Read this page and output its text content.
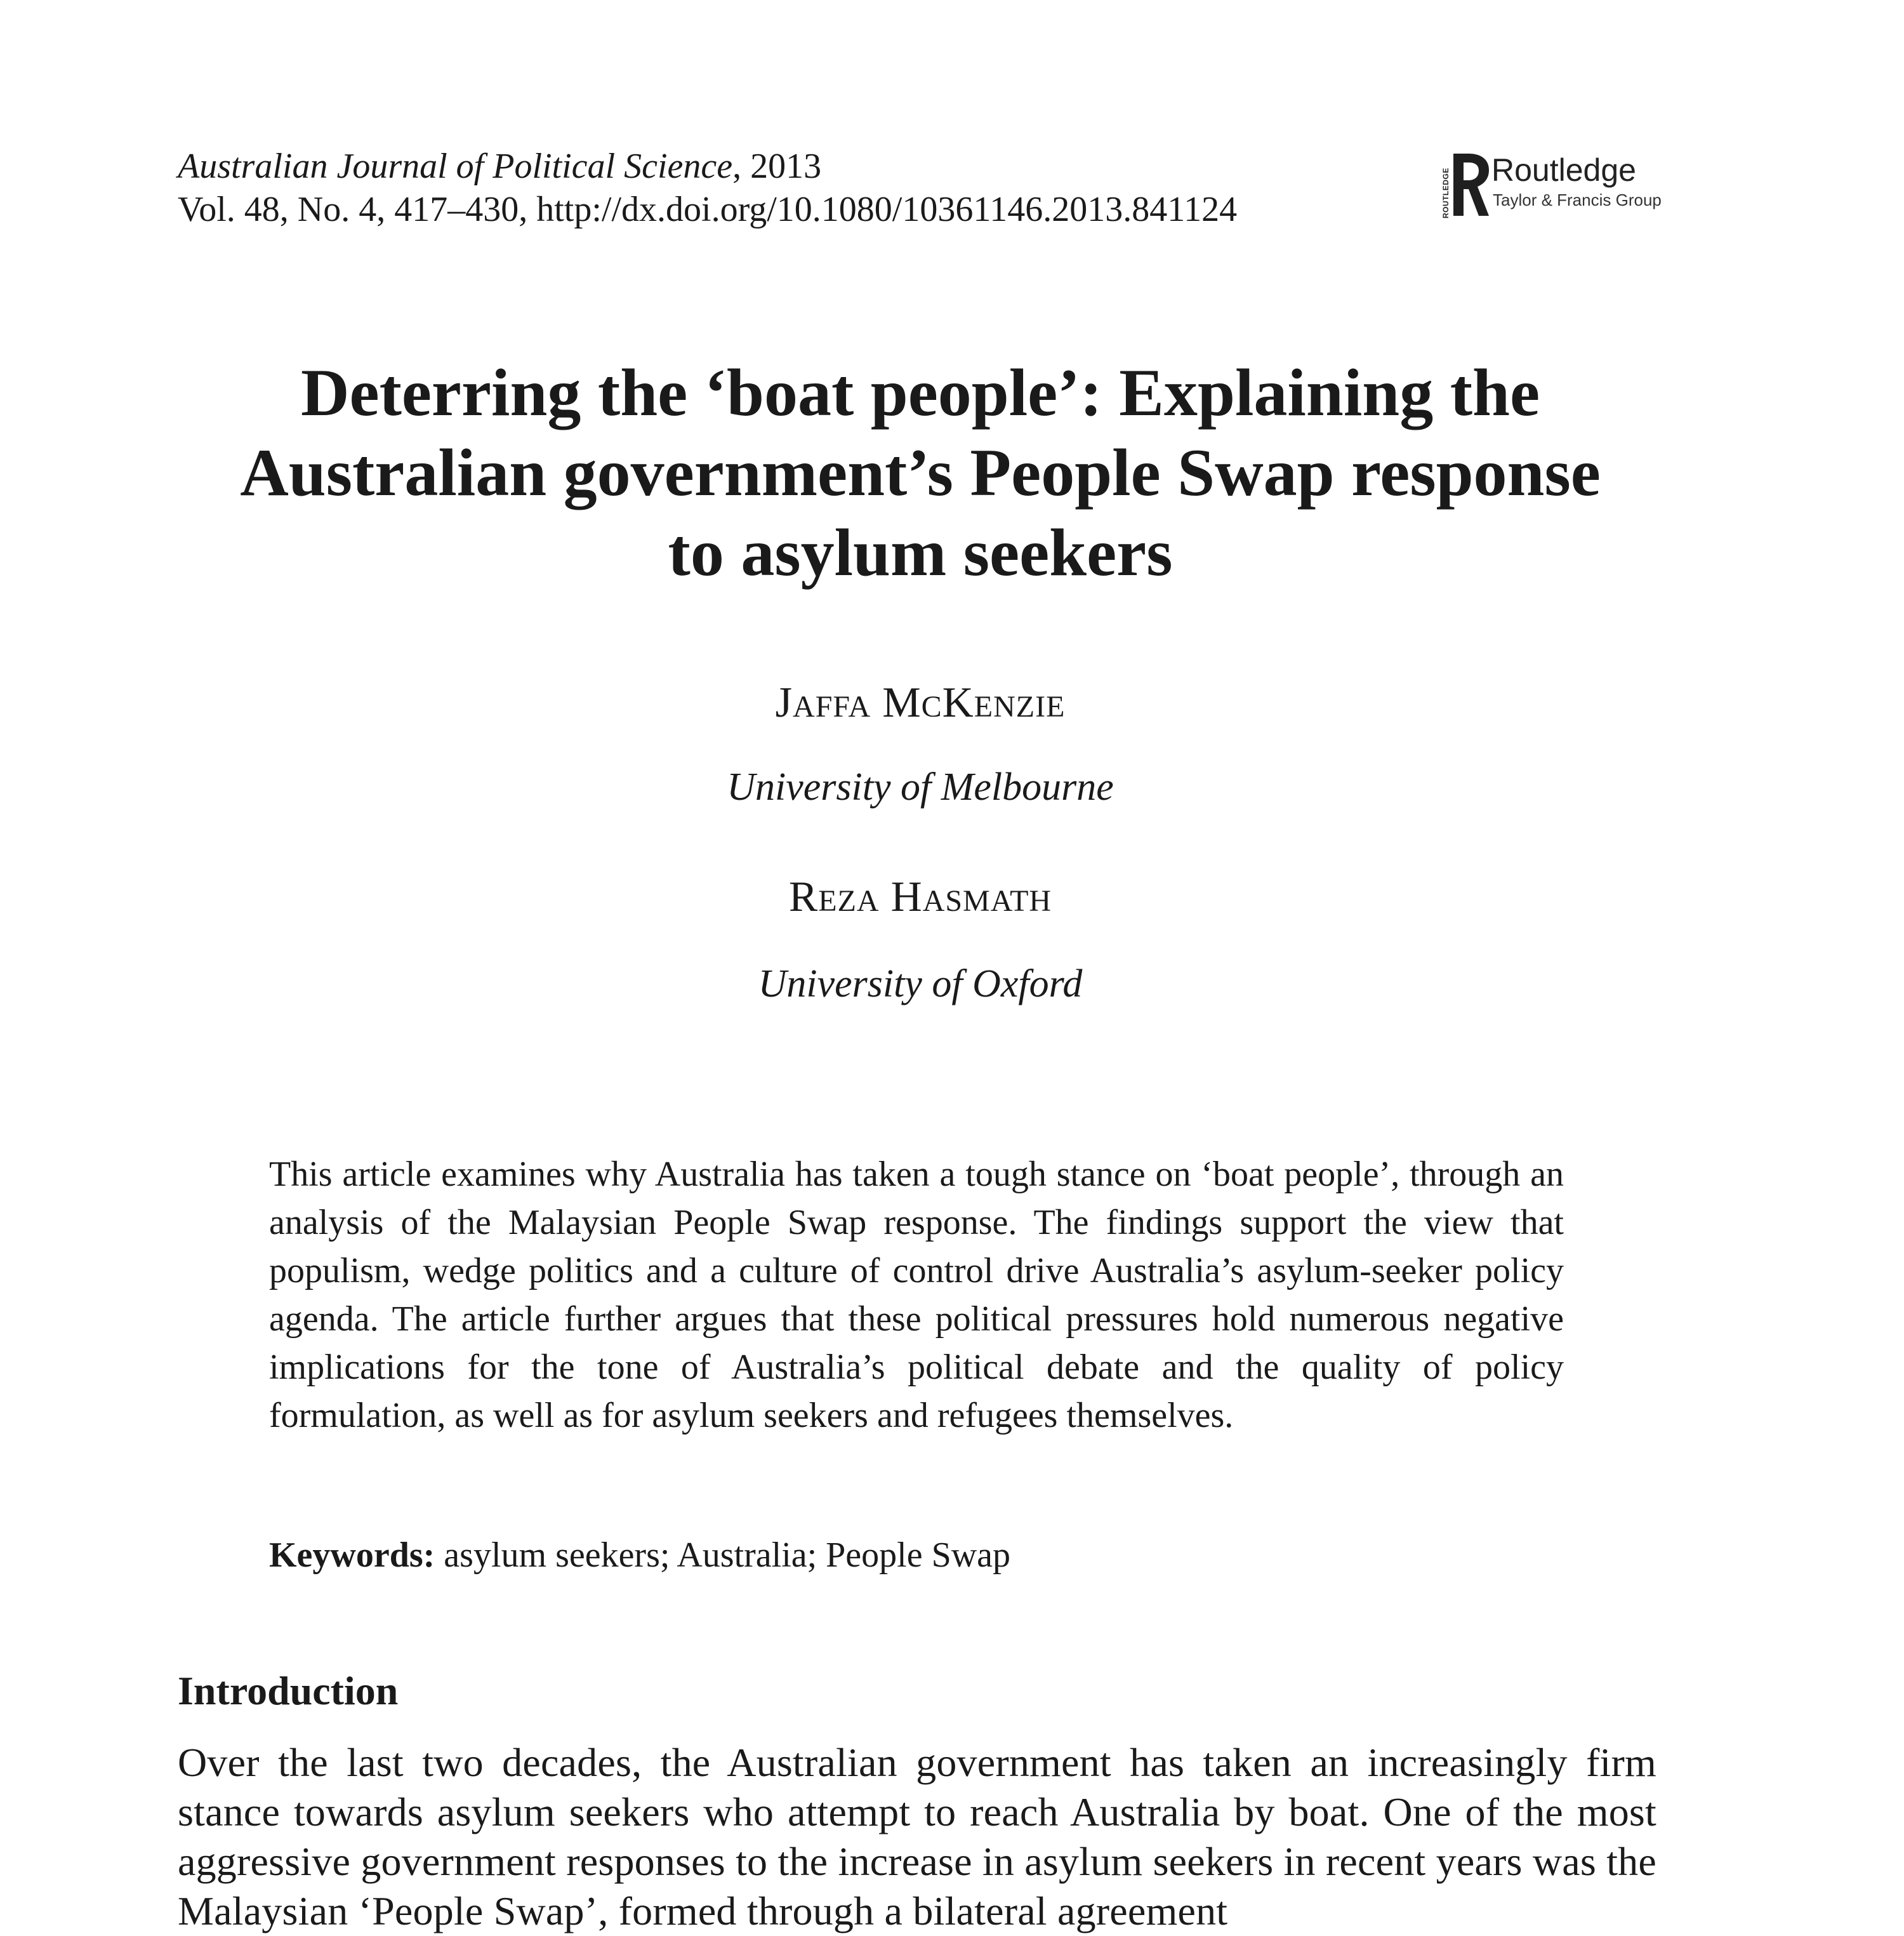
Australian Journal of Political Science, 2013
Vol. 48, No. 4, 417–430, http://dx.doi.org/10.1080/10361146.2013.841124	ROUTLEDGE Routledge
Taylor & Francis Group
Deterring the ‘boat people’: Explaining the
Australian government’s People Swap response
to asylum seekers
Jaffa McKenzie
University of Melbourne
Reza Hasmath
University of Oxford

This article examines why Australia has taken a tough stance on ‘boat people’, through an analysis of the Malaysian People Swap response. The findings support the view that populism, wedge politics and a culture of control drive Australia’s asylum-seeker policy agenda. The article further argues that these political pressures hold numerous negative implications for the tone of Australia’s political debate and the quality of policy formulation, as well as for asylum seekers and refugees themselves.

Keywords: asylum seekers; Australia; People Swap
Introduction

Over the last two decades, the Australian government has taken an increasingly firm stance towards asylum seekers who attempt to reach Australia by boat. One of the most aggressive government responses to the increase in asylum seekers in recent years was the Malaysian ‘People Swap’, formed through a bilateral agreement
